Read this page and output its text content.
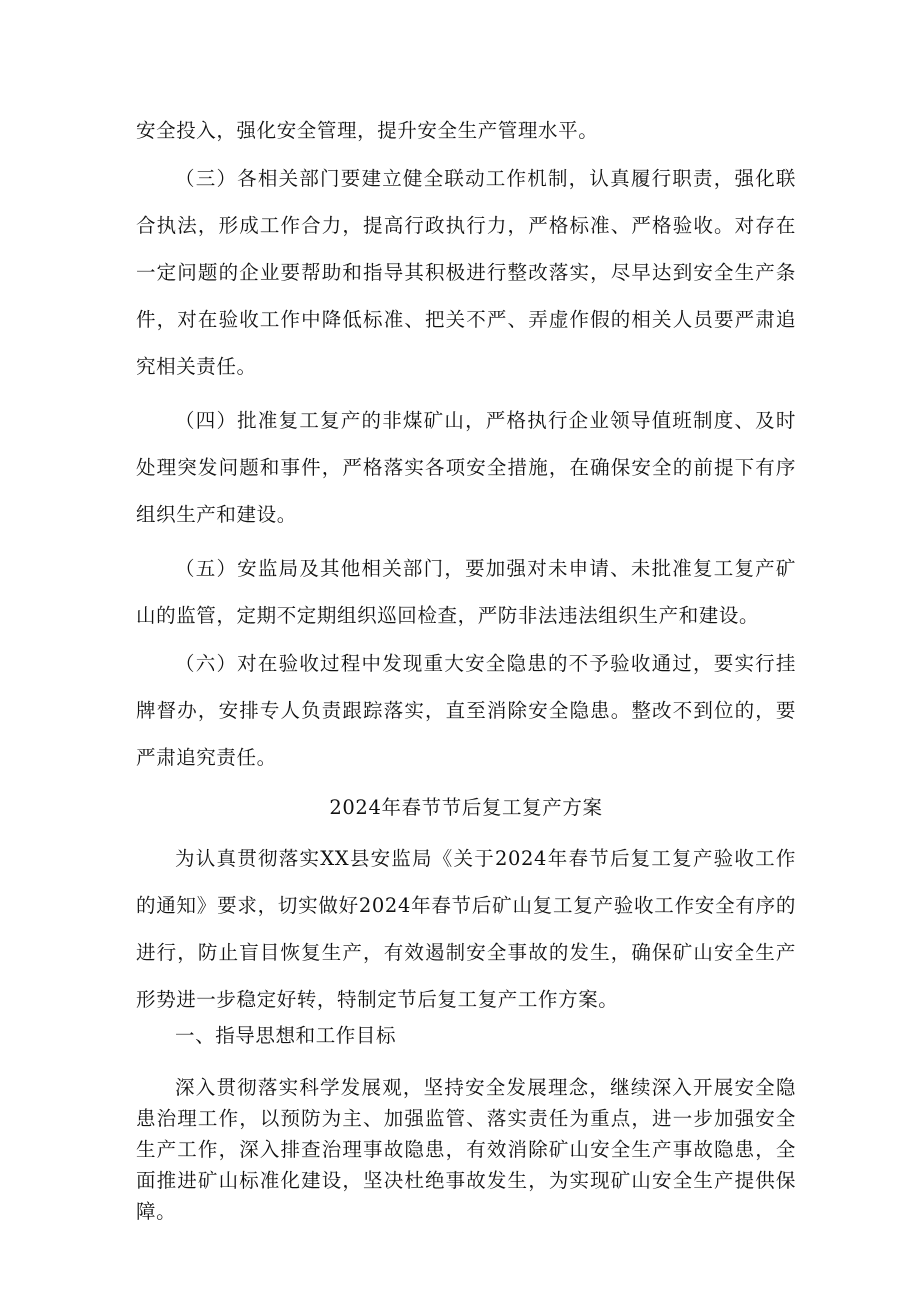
安全投入，强化安全管理，提升安全生产管理水平。

（三）各相关部门要建立健全联动工作机制，认真履行职责，强化联合执法，形成工作合力，提高行政执行力，严格标准、严格验收。对存在一定问题的企业要帮助和指导其积极进行整改落实，尽早达到安全生产条件，对在验收工作中降低标准、把关不严、弄虚作假的相关人员要严肃追究相关责任。

（四）批准复工复产的非煤矿山，严格执行企业领导值班制度、及时处理突发问题和事件，严格落实各项安全措施，在确保安全的前提下有序组织生产和建设。

（五）安监局及其他相关部门，要加强对未申请、未批准复工复产矿山的监管，定期不定期组织巡回检查，严防非法违法组织生产和建设。

（六）对在验收过程中发现重大安全隐患的不予验收通过，要实行挂牌督办，安排专人负责跟踪落实，直至消除安全隐患。整改不到位的，要严肃追究责任。

2024年春节节后复工复产方案

为认真贯彻落实XX县安监局《关于2024年春节后复工复产验收工作的通知》要求，切实做好2024年春节后矿山复工复产验收工作安全有序的进行，防止盲目恢复生产，有效遏制安全事故的发生，确保矿山安全生产形势进一步稳定好转，特制定节后复工复产工作方案。

一、指导思想和工作目标

深入贯彻落实科学发展观，坚持安全发展理念，继续深入开展安全隐患治理工作，以预防为主、加强监管、落实责任为重点，进一步加强安全生产工作，深入排查治理事故隐患，有效消除矿山安全生产事故隐患，全面推进矿山标准化建设，坚决杜绝事故发生，为实现矿山安全生产提供保障。
